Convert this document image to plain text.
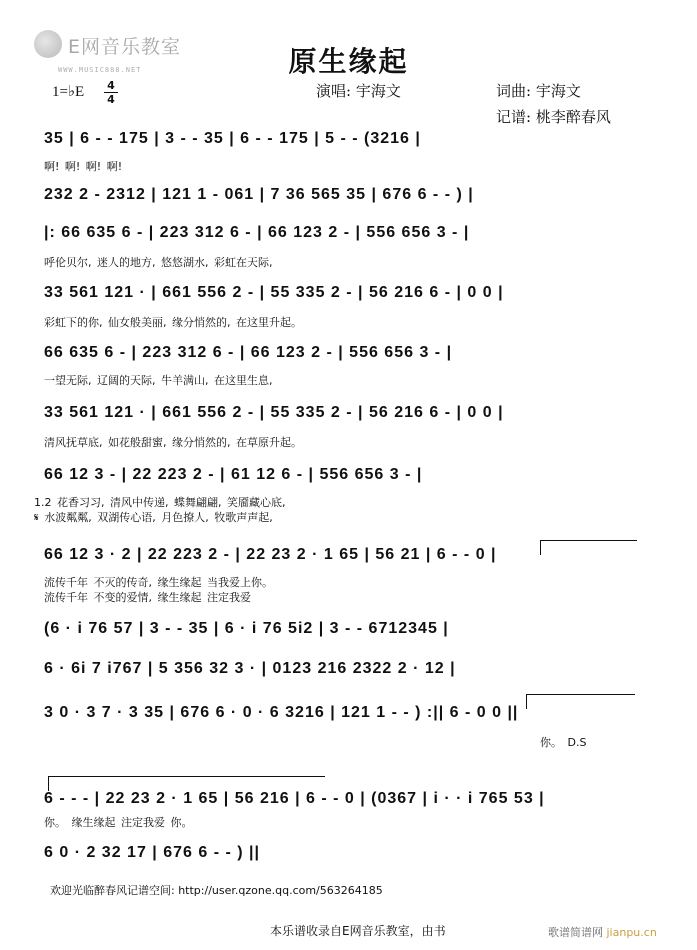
E网音乐教室
WWW.MUSIC888.NET	原生缘起
1=♭E 4
4	演唱: 宇海文	词曲: 宇海文
记谱: 桃李醉春风
35 | 6 - - 175 | 3 - - 35 | 6 - - 175 | 5 - - (3216 |
啊! 啊! 啊! 啊!
232 2 - 2312 | 121 1 - 061 | 7 36 565 35 | 676 6 - - ) |
|: 66 635 6 - | 223 312 6 - | 66 123 2 - | 556 656 3 - |
呼伦贝尔, 迷人的地方, 悠悠湖水, 彩虹在天际,
33 561 121 · | 661 556 2 - | 55 335 2 - | 56 216 6 - | 0 0 |
彩虹下的你, 仙女般美丽, 缘分悄然的, 在这里升起。
66 635 6 - | 223 312 6 - | 66 123 2 - | 556 656 3 - |
一望无际, 辽阔的天际, 牛羊满山, 在这里生息,
33 561 121 · | 661 556 2 - | 55 335 2 - | 56 216 6 - | 0 0 |
清风抚草底, 如花般甜蜜, 缘分悄然的, 在草原升起。
66 12 3 - | 22 223 2 - | 61 12 6 - | 556 656 3 - |
1.2 花香习习, 清风中传递, 蝶舞翩翩, 笑靥藏心底,
𝄋 水波粼粼, 双湖传心语, 月色撩人, 牧歌声声起,
66 12 3 · 2 | 22 223 2 - | 22 23 2 · 1 65 | 56 21 | 6 - - 0 |
流传千年 不灭的传奇, 缘生缘起 当我爱上你。
流传千年 不变的爱情, 缘生缘起 注定我爱
(6 · i 76 57 | 3 - - 35 | 6 · i 76 5i2 | 3 - - 6712345 |
6 · 6i 7 i767 | 5 356 32 3 · | 0123 216 2322 2 · 12 |
3 0 · 3 7 · 3 35 | 676 6 · 0 · 6 3216 | 121 1 - - ) :|| 6 - 0 0 ||
你。 D.S
6 - - - | 22 23 2 · 1 65 | 56 216 | 6 - - 0 | (0367 | i · · i 765 53 |
你。 缘生缘起 注定我爱 你。
6 0 · 2 32 17 | 676 6 - - ) ||
欢迎光临醉春风记谱空间: http://user.qzone.qq.com/563264185
本乐谱收录自E网音乐教室，由书	歌谱简谱网 jianpu.cn
